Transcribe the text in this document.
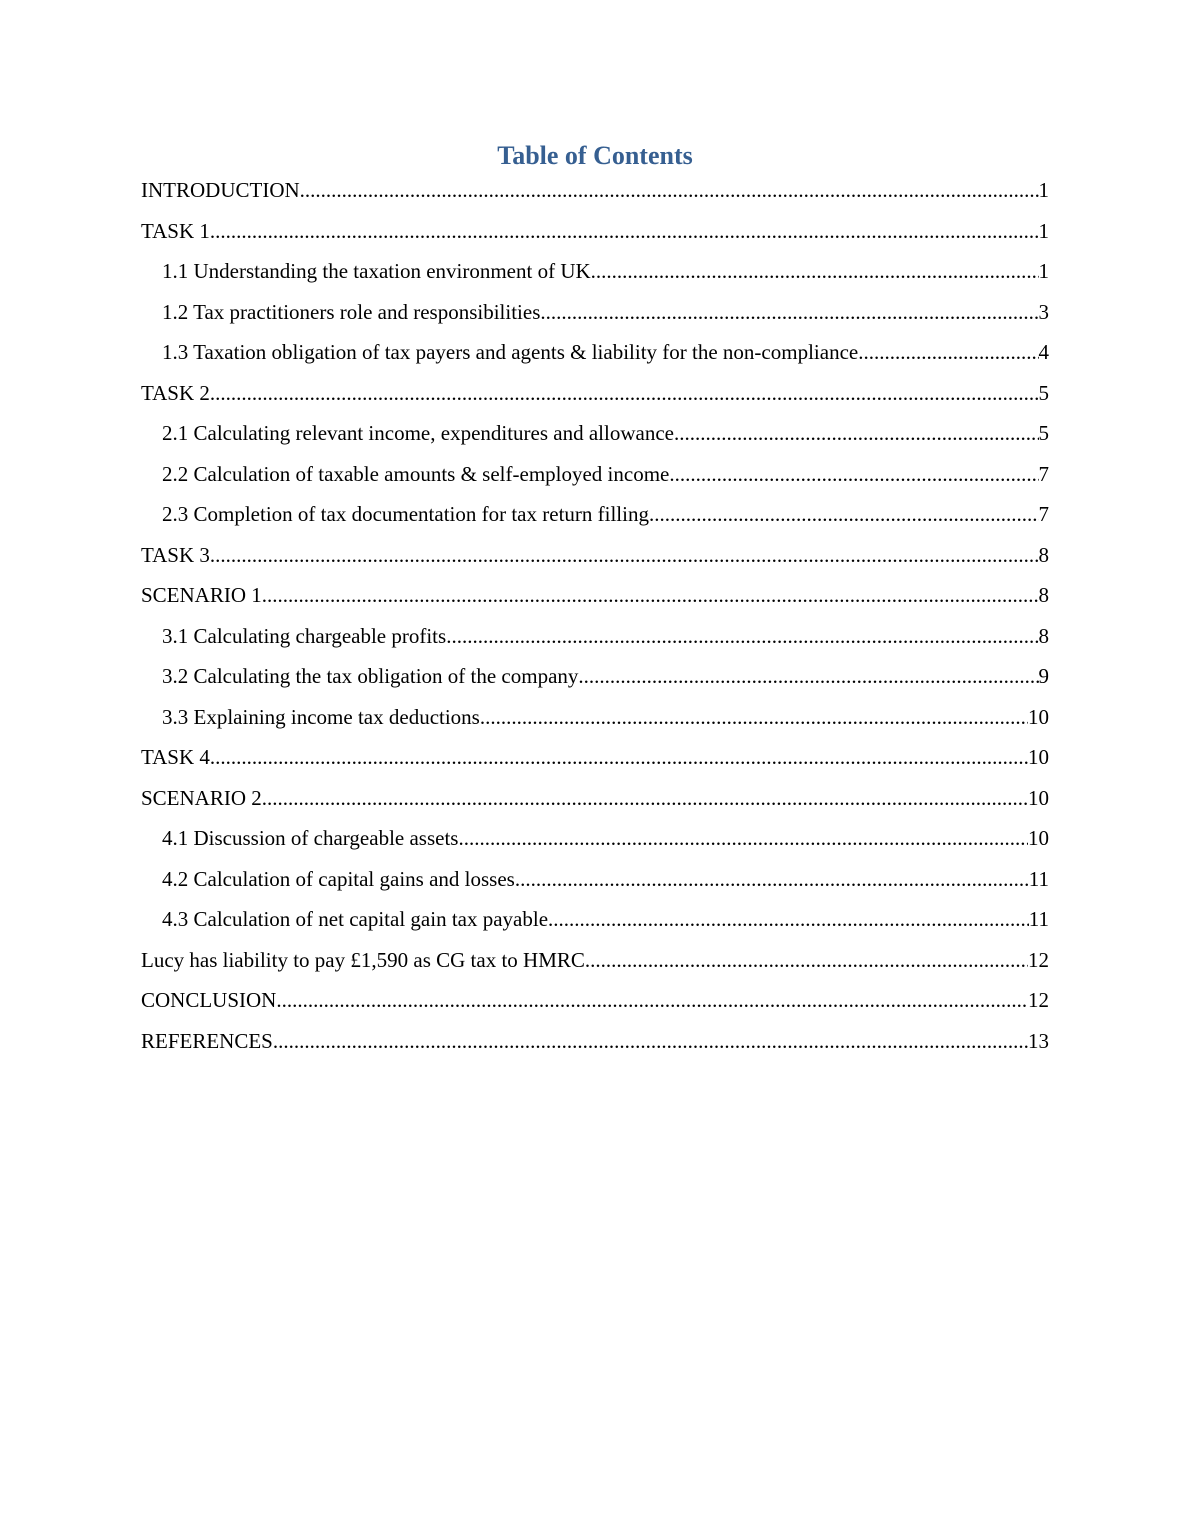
Table of Contents
INTRODUCTION .....	1
TASK 1 .....	1
1.1 Understanding the taxation environment of UK .....	1
1.2 Tax practitioners role and responsibilities .....	3
1.3 Taxation obligation of tax payers and agents & liability for the non-compliance .....	4
TASK 2 .....	5
2.1 Calculating relevant income, expenditures and allowance .....	5
2.2 Calculation of taxable amounts & self-employed income .....	7
2.3 Completion of tax documentation for tax return filling .....	7
TASK 3 .....	8
SCENARIO 1 .....	8
3.1 Calculating chargeable profits .....	8
3.2 Calculating the tax obligation of the company .....	9
3.3 Explaining income tax deductions .....	10
TASK 4 .....	10
SCENARIO 2 .....	10
4.1 Discussion of chargeable assets .....	10
4.2 Calculation of capital gains and losses .....	11
4.3 Calculation of net capital gain tax payable .....	11
Lucy has liability to pay £1,590 as CG tax to HMRC .....	12
CONCLUSION .....	12
REFERENCES .....	13
